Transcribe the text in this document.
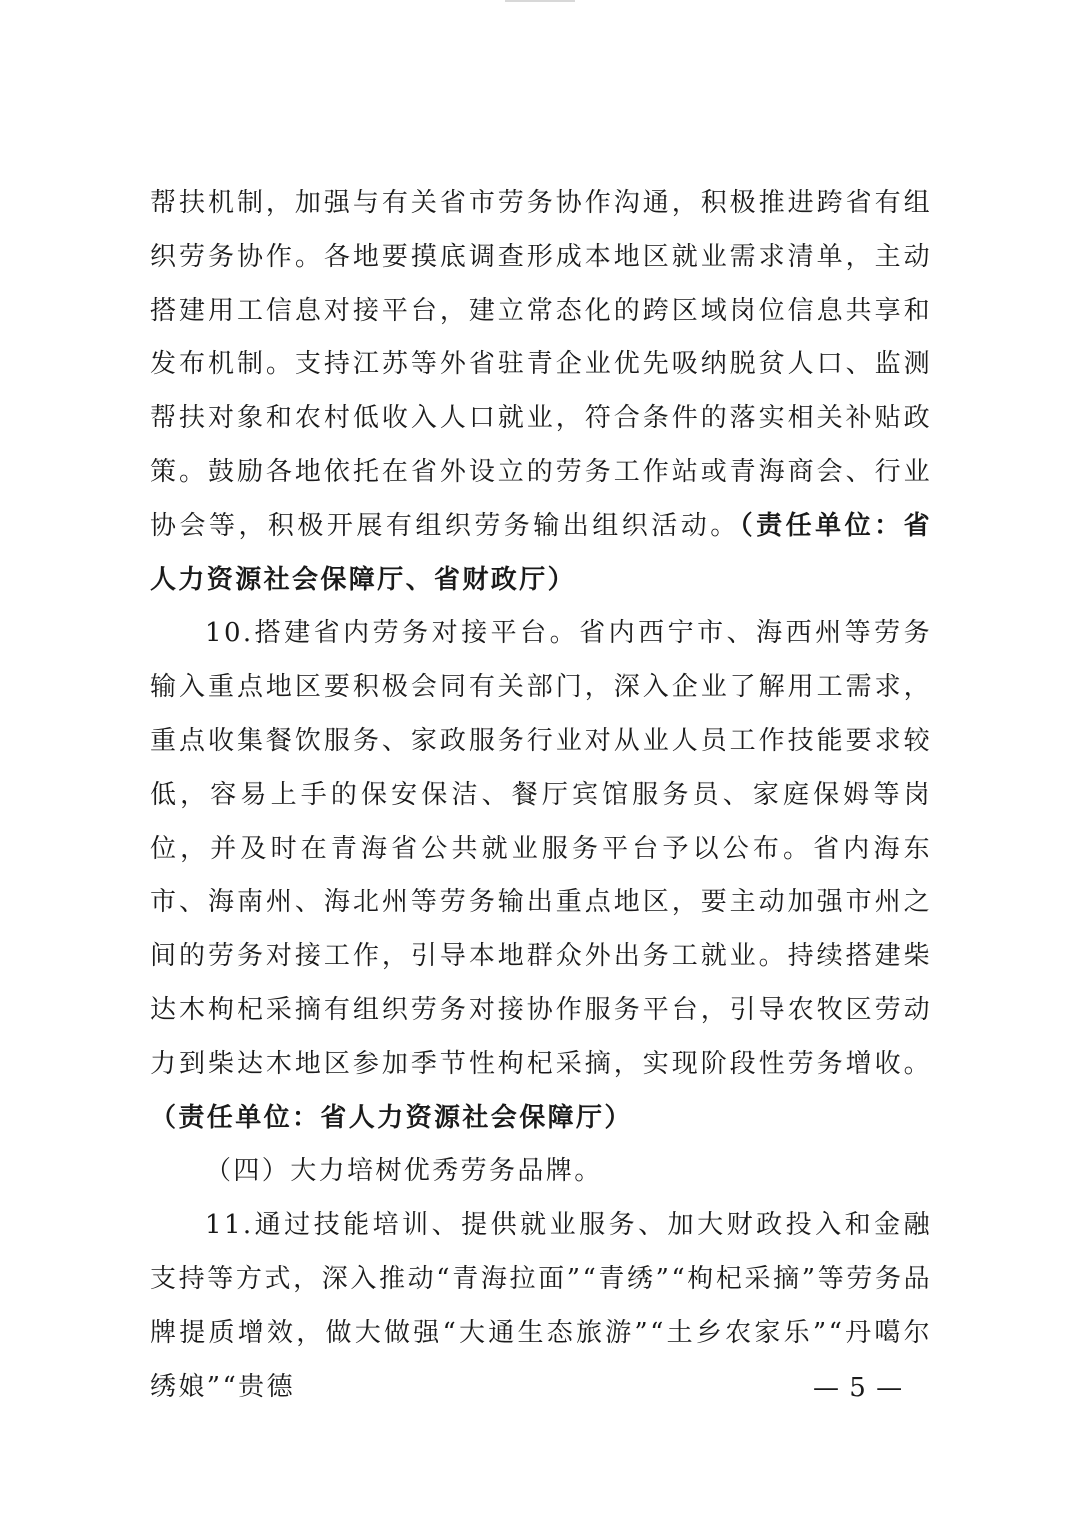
帮扶机制，加强与有关省市劳务协作沟通，积极推进跨省有组织劳务协作。各地要摸底调查形成本地区就业需求清单，主动搭建用工信息对接平台，建立常态化的跨区域岗位信息共享和发布机制。支持江苏等外省驻青企业优先吸纳脱贫人口、监测帮扶对象和农村低收入人口就业，符合条件的落实相关补贴政策。鼓励各地依托在省外设立的劳务工作站或青海商会、行业协会等，积极开展有组织劳务输出组织活动。（责任单位：省人力资源社会保障厅、省财政厅）

10.搭建省内劳务对接平台。省内西宁市、海西州等劳务输入重点地区要积极会同有关部门，深入企业了解用工需求，重点收集餐饮服务、家政服务行业对从业人员工作技能要求较低，容易上手的保安保洁、餐厅宾馆服务员、家庭保姆等岗位，并及时在青海省公共就业服务平台予以公布。省内海东市、海南州、海北州等劳务输出重点地区，要主动加强市州之间的劳务对接工作，引导本地群众外出务工就业。持续搭建柴达木枸杞采摘有组织劳务对接协作服务平台，引导农牧区劳动力到柴达木地区参加季节性枸杞采摘，实现阶段性劳务增收。（责任单位：省人力资源社会保障厅）

（四）大力培树优秀劳务品牌。

11.通过技能培训、提供就业服务、加大财政投入和金融支持等方式，深入推动“青海拉面”“青绣”“枸杞采摘”等劳务品牌提质增效，做大做强“大通生态旅游”“土乡农家乐”“丹噶尔绣娘”“贵德	— 5 —
